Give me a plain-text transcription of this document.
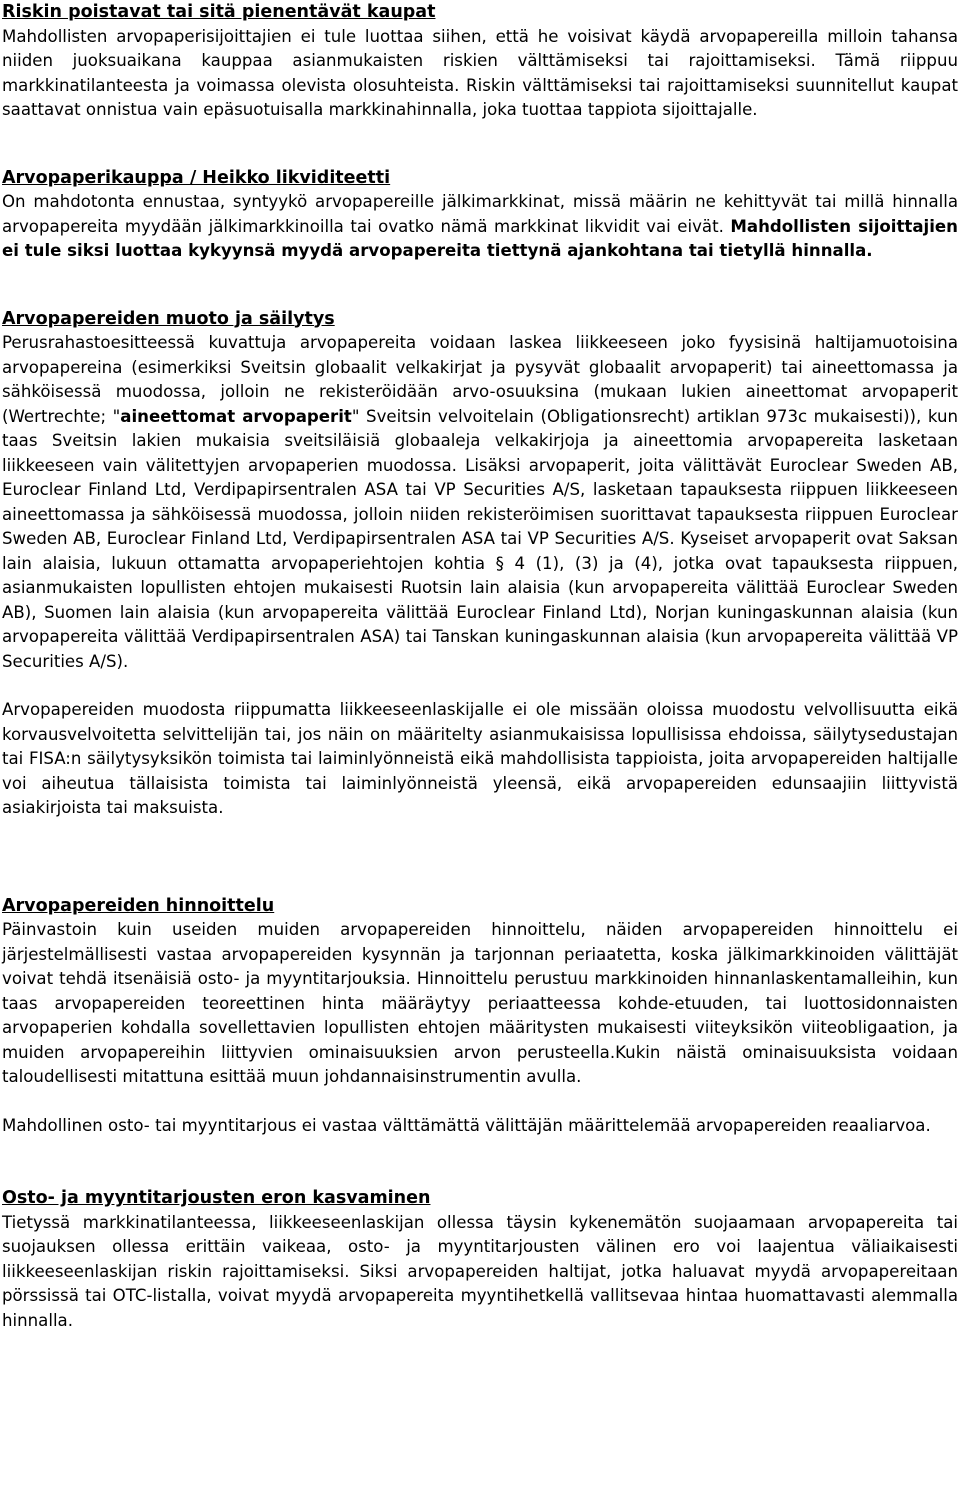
Riskin poistavat tai sitä pienentävät kaupat

Mahdollisten arvopaperisijoittajien ei tule luottaa siihen, että he voisivat käydä arvopapereilla milloin tahansa niiden juoksuaikana kauppaa asianmukaisten riskien välttämiseksi tai rajoittamiseksi. Tämä riippuu markkinatilanteesta ja voimassa olevista olosuhteista. Riskin välttämiseksi tai rajoittamiseksi suunnitellut kaupat saattavat onnistua vain epäsuotuisalla markkinahinnalla, joka tuottaa tappiota sijoittajalle.

Arvopaperikauppa / Heikko likviditeetti

On mahdotonta ennustaa, syntyykö arvopapereille jälkimarkkinat, missä määrin ne kehittyvät tai millä hinnalla arvopapereita myydään jälkimarkkinoilla tai ovatko nämä markkinat likvidit vai eivät. Mahdollisten sijoittajien ei tule siksi luottaa kykyynsä myydä arvopapereita tiettynä ajankohtana tai tietyllä hinnalla.

Arvopapereiden muoto ja säilytys

Perusrahastoesitteessä kuvattuja arvopapereita voidaan laskea liikkeeseen joko fyysisinä haltijamuotoisina arvopapereina (esimerkiksi Sveitsin globaalit velkakirjat ja pysyvät globaalit arvopaperit) tai aineettomassa ja sähköisessä muodossa, jolloin ne rekisteröidään arvo-osuuksina (mukaan lukien aineettomat arvopaperit (Wertrechte; "aineettomat arvopaperit" Sveitsin velvoitelain (Obligationsrecht) artiklan 973c mukaisesti)), kun taas Sveitsin lakien mukaisia sveitsiläisiä globaaleja velkakirjoja ja aineettomia arvopapereita lasketaan liikkeeseen vain välitettyjen arvopaperien muodossa. Lisäksi arvopaperit, joita välittävät Euroclear Sweden AB, Euroclear Finland Ltd, Verdipapirsentralen ASA tai VP Securities A/S, lasketaan tapauksesta riippuen liikkeeseen aineettomassa ja sähköisessä muodossa, jolloin niiden rekisteröimisen suorittavat tapauksesta riippuen Euroclear Sweden AB, Euroclear Finland Ltd, Verdipapirsentralen ASA tai VP Securities A/S. Kyseiset arvopaperit ovat Saksan lain alaisia, lukuun ottamatta arvopaperiehtojen kohtia § 4 (1), (3) ja (4), jotka ovat tapauksesta riippuen, asianmukaisten lopullisten ehtojen mukaisesti Ruotsin lain alaisia (kun arvopapereita välittää Euroclear Sweden AB), Suomen lain alaisia (kun arvopapereita välittää Euroclear Finland Ltd), Norjan kuningaskunnan alaisia (kun arvopapereita välittää Verdipapirsentralen ASA) tai Tanskan kuningaskunnan alaisia (kun arvopapereita välittää VP Securities A/S).

Arvopapereiden muodosta riippumatta liikkeeseenlaskijalle ei ole missään oloissa muodostu velvollisuutta eikä korvausvelvoitetta selvittelijän tai, jos näin on määritelty asianmukaisissa lopullisissa ehdoissa, säilytysedustajan tai FISA:n säilytysyksikön toimista tai laiminlyönneistä eikä mahdollisista tappioista, joita arvopapereiden haltijalle voi aiheutua tällaisista toimista tai laiminlyönneistä yleensä, eikä arvopapereiden edunsaajiin liittyvistä asiakirjoista tai maksuista.

Arvopapereiden hinnoittelu

Päinvastoin kuin useiden muiden arvopapereiden hinnoittelu, näiden arvopapereiden hinnoittelu ei järjestelmällisesti vastaa arvopapereiden kysynnän ja tarjonnan periaatetta, koska jälkimarkkinoiden välittäjät voivat tehdä itsenäisiä osto- ja myyntitarjouksia. Hinnoittelu perustuu markkinoiden hinnanlaskentamalleihin, kun taas arvopapereiden teoreettinen hinta määräytyy periaatteessa kohde-etuuden, tai luottosidonnaisten arvopaperien kohdalla sovellettavien lopullisten ehtojen määritysten mukaisesti viiteyksikön viiteobligaation, ja muiden arvopapereihin liittyvien ominaisuuksien arvon perusteella.Kukin näistä ominaisuuksista voidaan taloudellisesti mitattuna esittää muun johdannaisinstrumentin avulla.

Mahdollinen osto- tai myyntitarjous ei vastaa välttämättä välittäjän määrittelemää arvopapereiden reaaliarvoa.

Osto- ja myyntitarjousten eron kasvaminen

Tietyssä markkinatilanteessa, liikkeeseenlaskijan ollessa täysin kykenemätön suojaamaan arvopapereita tai suojauksen ollessa erittäin vaikeaa, osto- ja myyntitarjousten välinen ero voi laajentua väliaikaisesti liikkeeseenlaskijan riskin rajoittamiseksi. Siksi arvopapereiden haltijat, jotka haluavat myydä arvopapereitaan pörssissä tai OTC-listalla, voivat myydä arvopapereita myyntihetkellä vallitsevaa hintaa huomattavasti alemmalla hinnalla.
